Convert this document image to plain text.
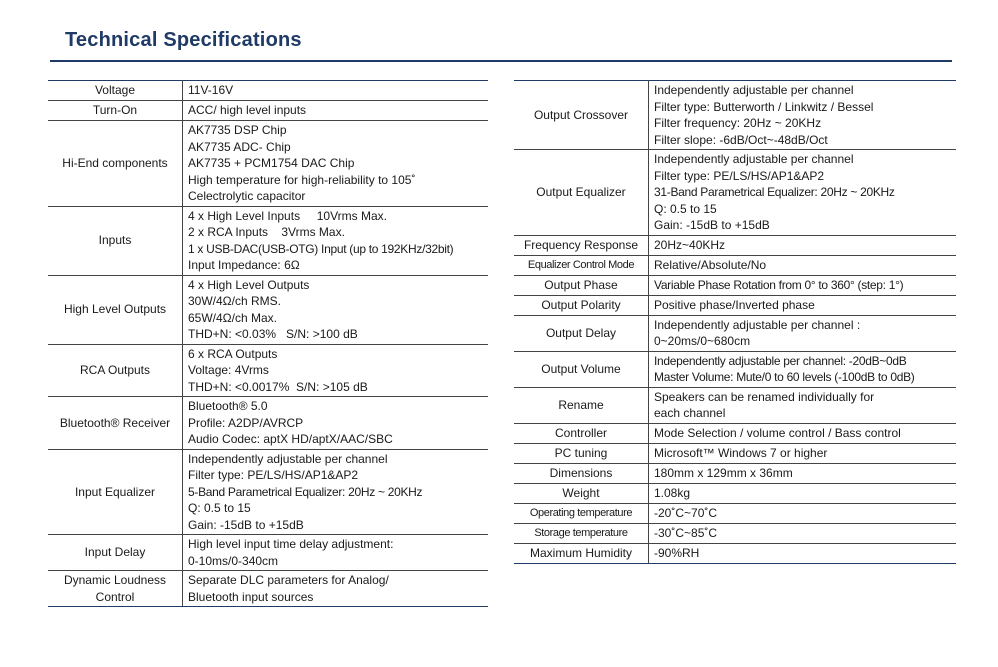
Technical Specifications
Voltage	11V-16V

Turn-On	ACC/ high level inputs

Hi-End components	AK7735 DSP Chip
AK7735 ADC- Chip
AK7735 + PCM1754 DAC Chip
High temperature for high-reliability to 105˚
Celectrolytic capacitor

Inputs	4 x High Level Inputs     10Vrms Max.
2 x RCA Inputs    3Vrms Max.
1 x USB-DAC(USB-OTG) Input (up to 192KHz/32bit)
Input Impedance: 6Ω

High Level Outputs	4 x High Level Outputs
30W/4Ω/ch RMS.
65W/4Ω/ch Max.
THD+N: <0.03%   S/N: >100 dB

RCA Outputs	6 x RCA Outputs
Voltage: 4Vrms
THD+N: <0.0017%  S/N: >105 dB

Bluetooth® Receiver	Bluetooth® 5.0
Profile: A2DP/AVRCP
Audio Codec: aptX HD/aptX/AAC/SBC

Input Equalizer	Independently adjustable per channel
Filter type: PE/LS/HS/AP1&AP2
5-Band Parametrical Equalizer: 20Hz ~ 20KHz
Q: 0.5 to 15
Gain: -15dB to +15dB

Input Delay	High level input time delay adjustment:
0-10ms/0-340cm

Dynamic Loudness Control	Separate DLC parameters for Analog/
Bluetooth input sources
Output Crossover	Independently adjustable per channel
Filter type: Butterworth / Linkwitz / Bessel
Filter frequency: 20Hz ~ 20KHz
Filter slope: -6dB/Oct~-48dB/Oct

Output Equalizer	Independently adjustable per channel
Filter type: PE/LS/HS/AP1&AP2
31-Band Parametrical Equalizer: 20Hz ~ 20KHz
Q: 0.5 to 15
Gain: -15dB to +15dB

Frequency Response	20Hz~40KHz

Equalizer Control Mode	Relative/Absolute/No

Output Phase	Variable Phase Rotation from 0° to 360° (step: 1°)

Output Polarity	Positive phase/Inverted phase

Output Delay	Independently adjustable per channel :
0~20ms/0~680cm

Output Volume	Independently adjustable per channel: -20dB~0dB
Master Volume: Mute/0 to 60 levels (-100dB to 0dB)

Rename	Speakers can be renamed individually for
each channel

Controller	Mode Selection / volume control / Bass control

PC tuning	Microsoft™ Windows 7 or higher

Dimensions	180mm x 129mm x 36mm

Weight	1.08kg

Operating temperature	-20˚C~70˚C

Storage temperature	-30˚C~85˚C

Maximum Humidity	-90%RH
